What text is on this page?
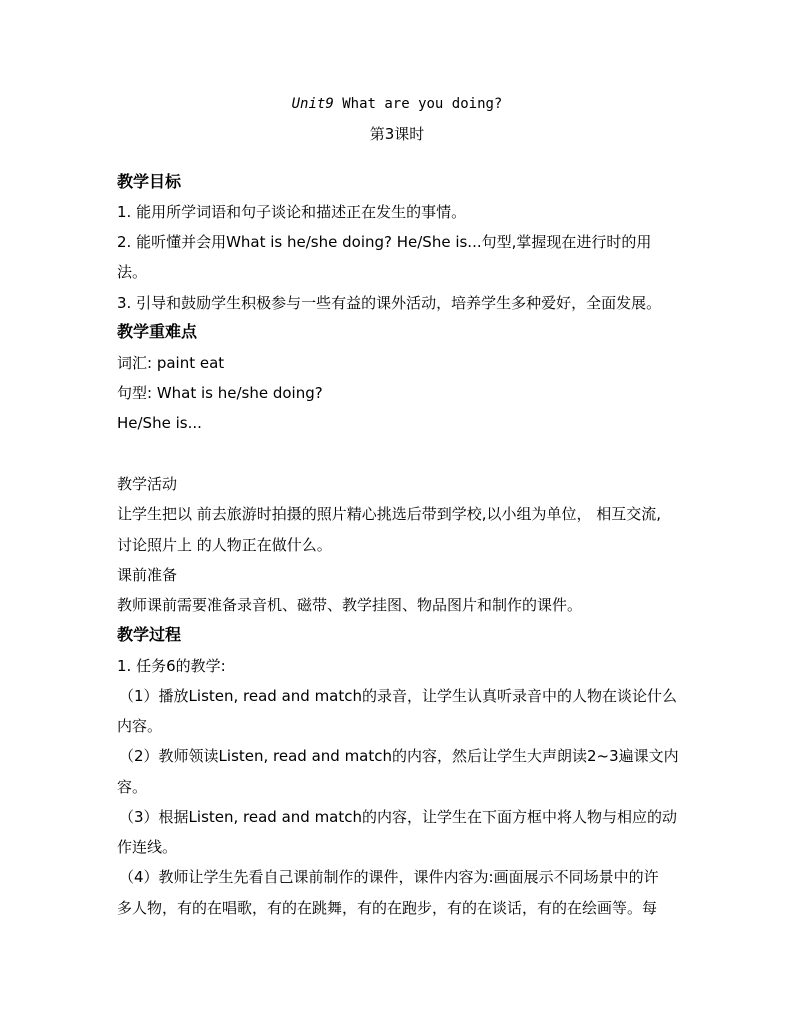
Unit9 What are you doing?
第3课时
教学目标
1. 能用所学词语和句子谈论和描述正在发生的事情。
2. 能听懂并会用What is he/she doing? He/She is...句型,掌握现在进行时的用
法。
3. 引导和鼓励学生积极参与一些有益的课外活动，培养学生多种爱好，全面发展。
教学重难点
词汇: paint eat
句型: What is he/she doing?
He/She is...
教学活动
让学生把以 前去旅游时拍摄的照片精心挑选后带到学校,以小组为单位， 相互交流,
讨论照片上 的人物正在做什么。
课前准备
教师课前需要准备录音机、磁带、教学挂图、物品图片和制作的课件。
教学过程
1. 任务6的教学:
（1）播放Listen, read and match的录音，让学生认真听录音中的人物在谈论什么
内容。
（2）教师领读Listen, read and match的内容，然后让学生大声朗读2~3遍课文内
容。
（3）根据Listen, read and match的内容，让学生在下面方框中将人物与相应的动
作连线。
（4）教师让学生先看自己课前制作的课件，课件内容为:画面展示不同场景中的许
多人物，有的在唱歌，有的在跳舞，有的在跑步，有的在谈话，有的在绘画等。每
